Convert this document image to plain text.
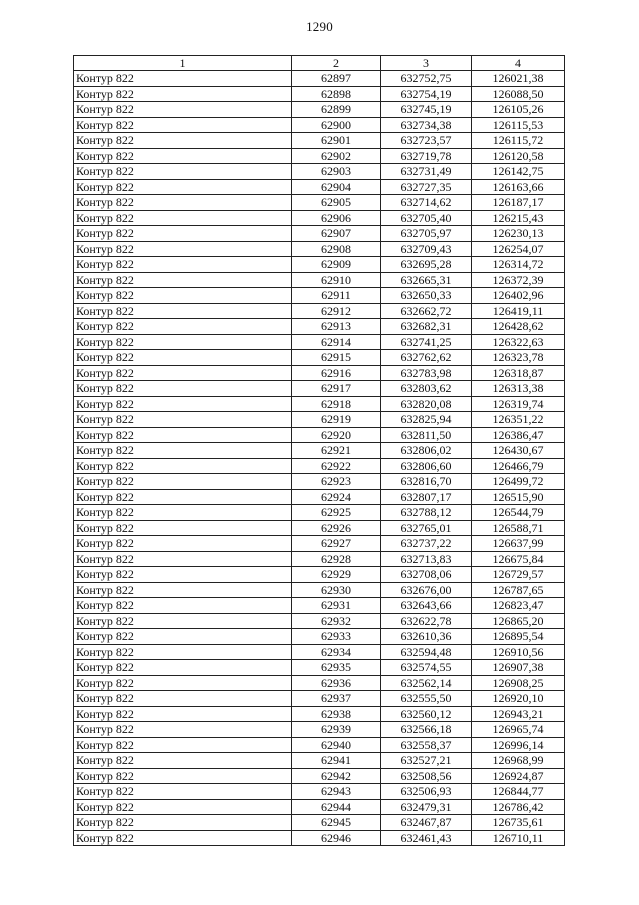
1290
1	2	3	4
Контур 822	62897	632752,75	126021,38
Контур 822	62898	632754,19	126088,50
Контур 822	62899	632745,19	126105,26
Контур 822	62900	632734,38	126115,53
Контур 822	62901	632723,57	126115,72
Контур 822	62902	632719,78	126120,58
Контур 822	62903	632731,49	126142,75
Контур 822	62904	632727,35	126163,66
Контур 822	62905	632714,62	126187,17
Контур 822	62906	632705,40	126215,43
Контур 822	62907	632705,97	126230,13
Контур 822	62908	632709,43	126254,07
Контур 822	62909	632695,28	126314,72
Контур 822	62910	632665,31	126372,39
Контур 822	62911	632650,33	126402,96
Контур 822	62912	632662,72	126419,11
Контур 822	62913	632682,31	126428,62
Контур 822	62914	632741,25	126322,63
Контур 822	62915	632762,62	126323,78
Контур 822	62916	632783,98	126318,87
Контур 822	62917	632803,62	126313,38
Контур 822	62918	632820,08	126319,74
Контур 822	62919	632825,94	126351,22
Контур 822	62920	632811,50	126386,47
Контур 822	62921	632806,02	126430,67
Контур 822	62922	632806,60	126466,79
Контур 822	62923	632816,70	126499,72
Контур 822	62924	632807,17	126515,90
Контур 822	62925	632788,12	126544,79
Контур 822	62926	632765,01	126588,71
Контур 822	62927	632737,22	126637,99
Контур 822	62928	632713,83	126675,84
Контур 822	62929	632708,06	126729,57
Контур 822	62930	632676,00	126787,65
Контур 822	62931	632643,66	126823,47
Контур 822	62932	632622,78	126865,20
Контур 822	62933	632610,36	126895,54
Контур 822	62934	632594,48	126910,56
Контур 822	62935	632574,55	126907,38
Контур 822	62936	632562,14	126908,25
Контур 822	62937	632555,50	126920,10
Контур 822	62938	632560,12	126943,21
Контур 822	62939	632566,18	126965,74
Контур 822	62940	632558,37	126996,14
Контур 822	62941	632527,21	126968,99
Контур 822	62942	632508,56	126924,87
Контур 822	62943	632506,93	126844,77
Контур 822	62944	632479,31	126786,42
Контур 822	62945	632467,87	126735,61
Контур 822	62946	632461,43	126710,11
